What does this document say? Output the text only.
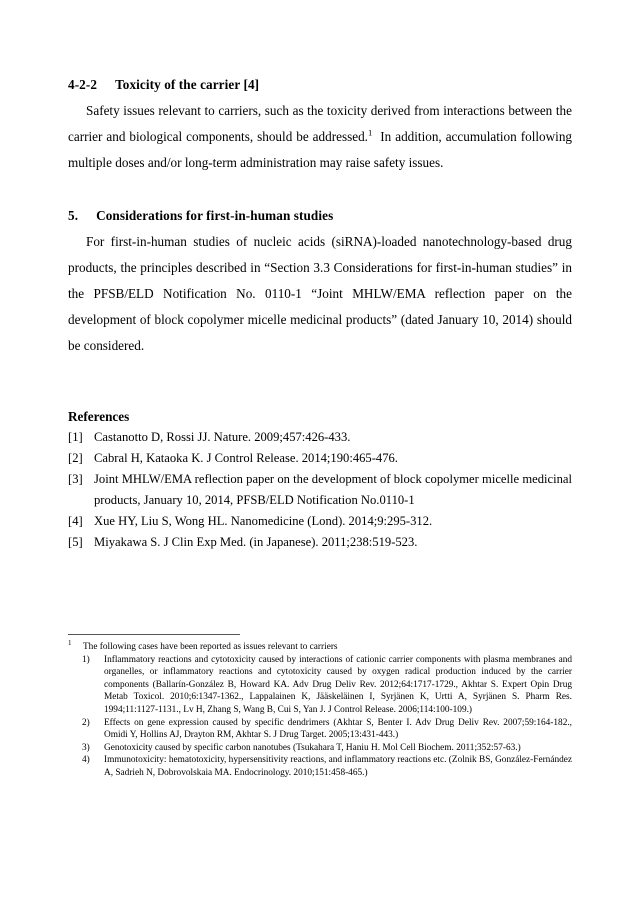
4-2-2 Toxicity of the carrier [4]

Safety issues relevant to carriers, such as the toxicity derived from interactions between the carrier and biological components, should be addressed.$^1$ In addition, accumulation following multiple doses and/or long-term administration may raise safety issues.

5. Considerations for first-in-human studies

For first-in-human studies of nucleic acids (siRNA)-loaded nanotechnology-based drug products, the principles described in “Section 3.3 Considerations for first-in-human studies” in the PFSB/ELD Notification No. 0110-1 “Joint MHLW/EMA reflection paper on the development of block copolymer micelle medicinal products” (dated January 10, 2014) should be considered.

References

[1] Castanotto D, Rossi JJ. Nature. 2009;457:426-433.

[2] Cabral H, Kataoka K. J Control Release. 2014;190:465‐476.

[3] Joint MHLW/EMA reflection paper on the development of block copolymer micelle medicinal products, January 10, 2014, PFSB/ELD Notification No.0110-1

[4] Xue HY, Liu S, Wong HL. Nanomedicine (Lond). 2014;9:295-312.

[5] Miyakawa S. J Clin Exp Med. (in Japanese). 2011;238:519-523.

$^1$ The following cases have been reported as issues relevant to carriers

1) Inflammatory reactions and cytotoxicity caused by interactions of cationic carrier components with plasma membranes and organelles, or inflammatory reactions and cytotoxicity caused by oxygen radical production induced by the carrier components (Ballarín-González B, Howard KA. Adv Drug Deliv Rev. 2012;64:1717-1729., Akhtar S. Expert Opin Drug Metab Toxicol. 2010;6:1347-1362., Lappalainen K, Jääskeläinen I, Syrjänen K, Urtti A, Syrjänen S. Pharm Res. 1994;11:1127-1131., Lv H, Zhang S, Wang B, Cui S, Yan J. J Control Release. 2006;114:100-109.)
2) Effects on gene expression caused by specific dendrimers (Akhtar S, Benter I. Adv Drug Deliv Rev. 2007;59:164-182., Omidi Y, Hollins AJ, Drayton RM, Akhtar S. J Drug Target. 2005;13:431-443.)
3) Genotoxicity caused by specific carbon nanotubes (Tsukahara T, Haniu H. Mol Cell Biochem. 2011;352:57-63.)
4) Immunotoxicity: hematotoxicity, hypersensitivity reactions, and inflammatory reactions etc. (Zolnik BS, González-Fernández A, Sadrieh N, Dobrovolskaia MA. Endocrinology. 2010;151:458-465.)
